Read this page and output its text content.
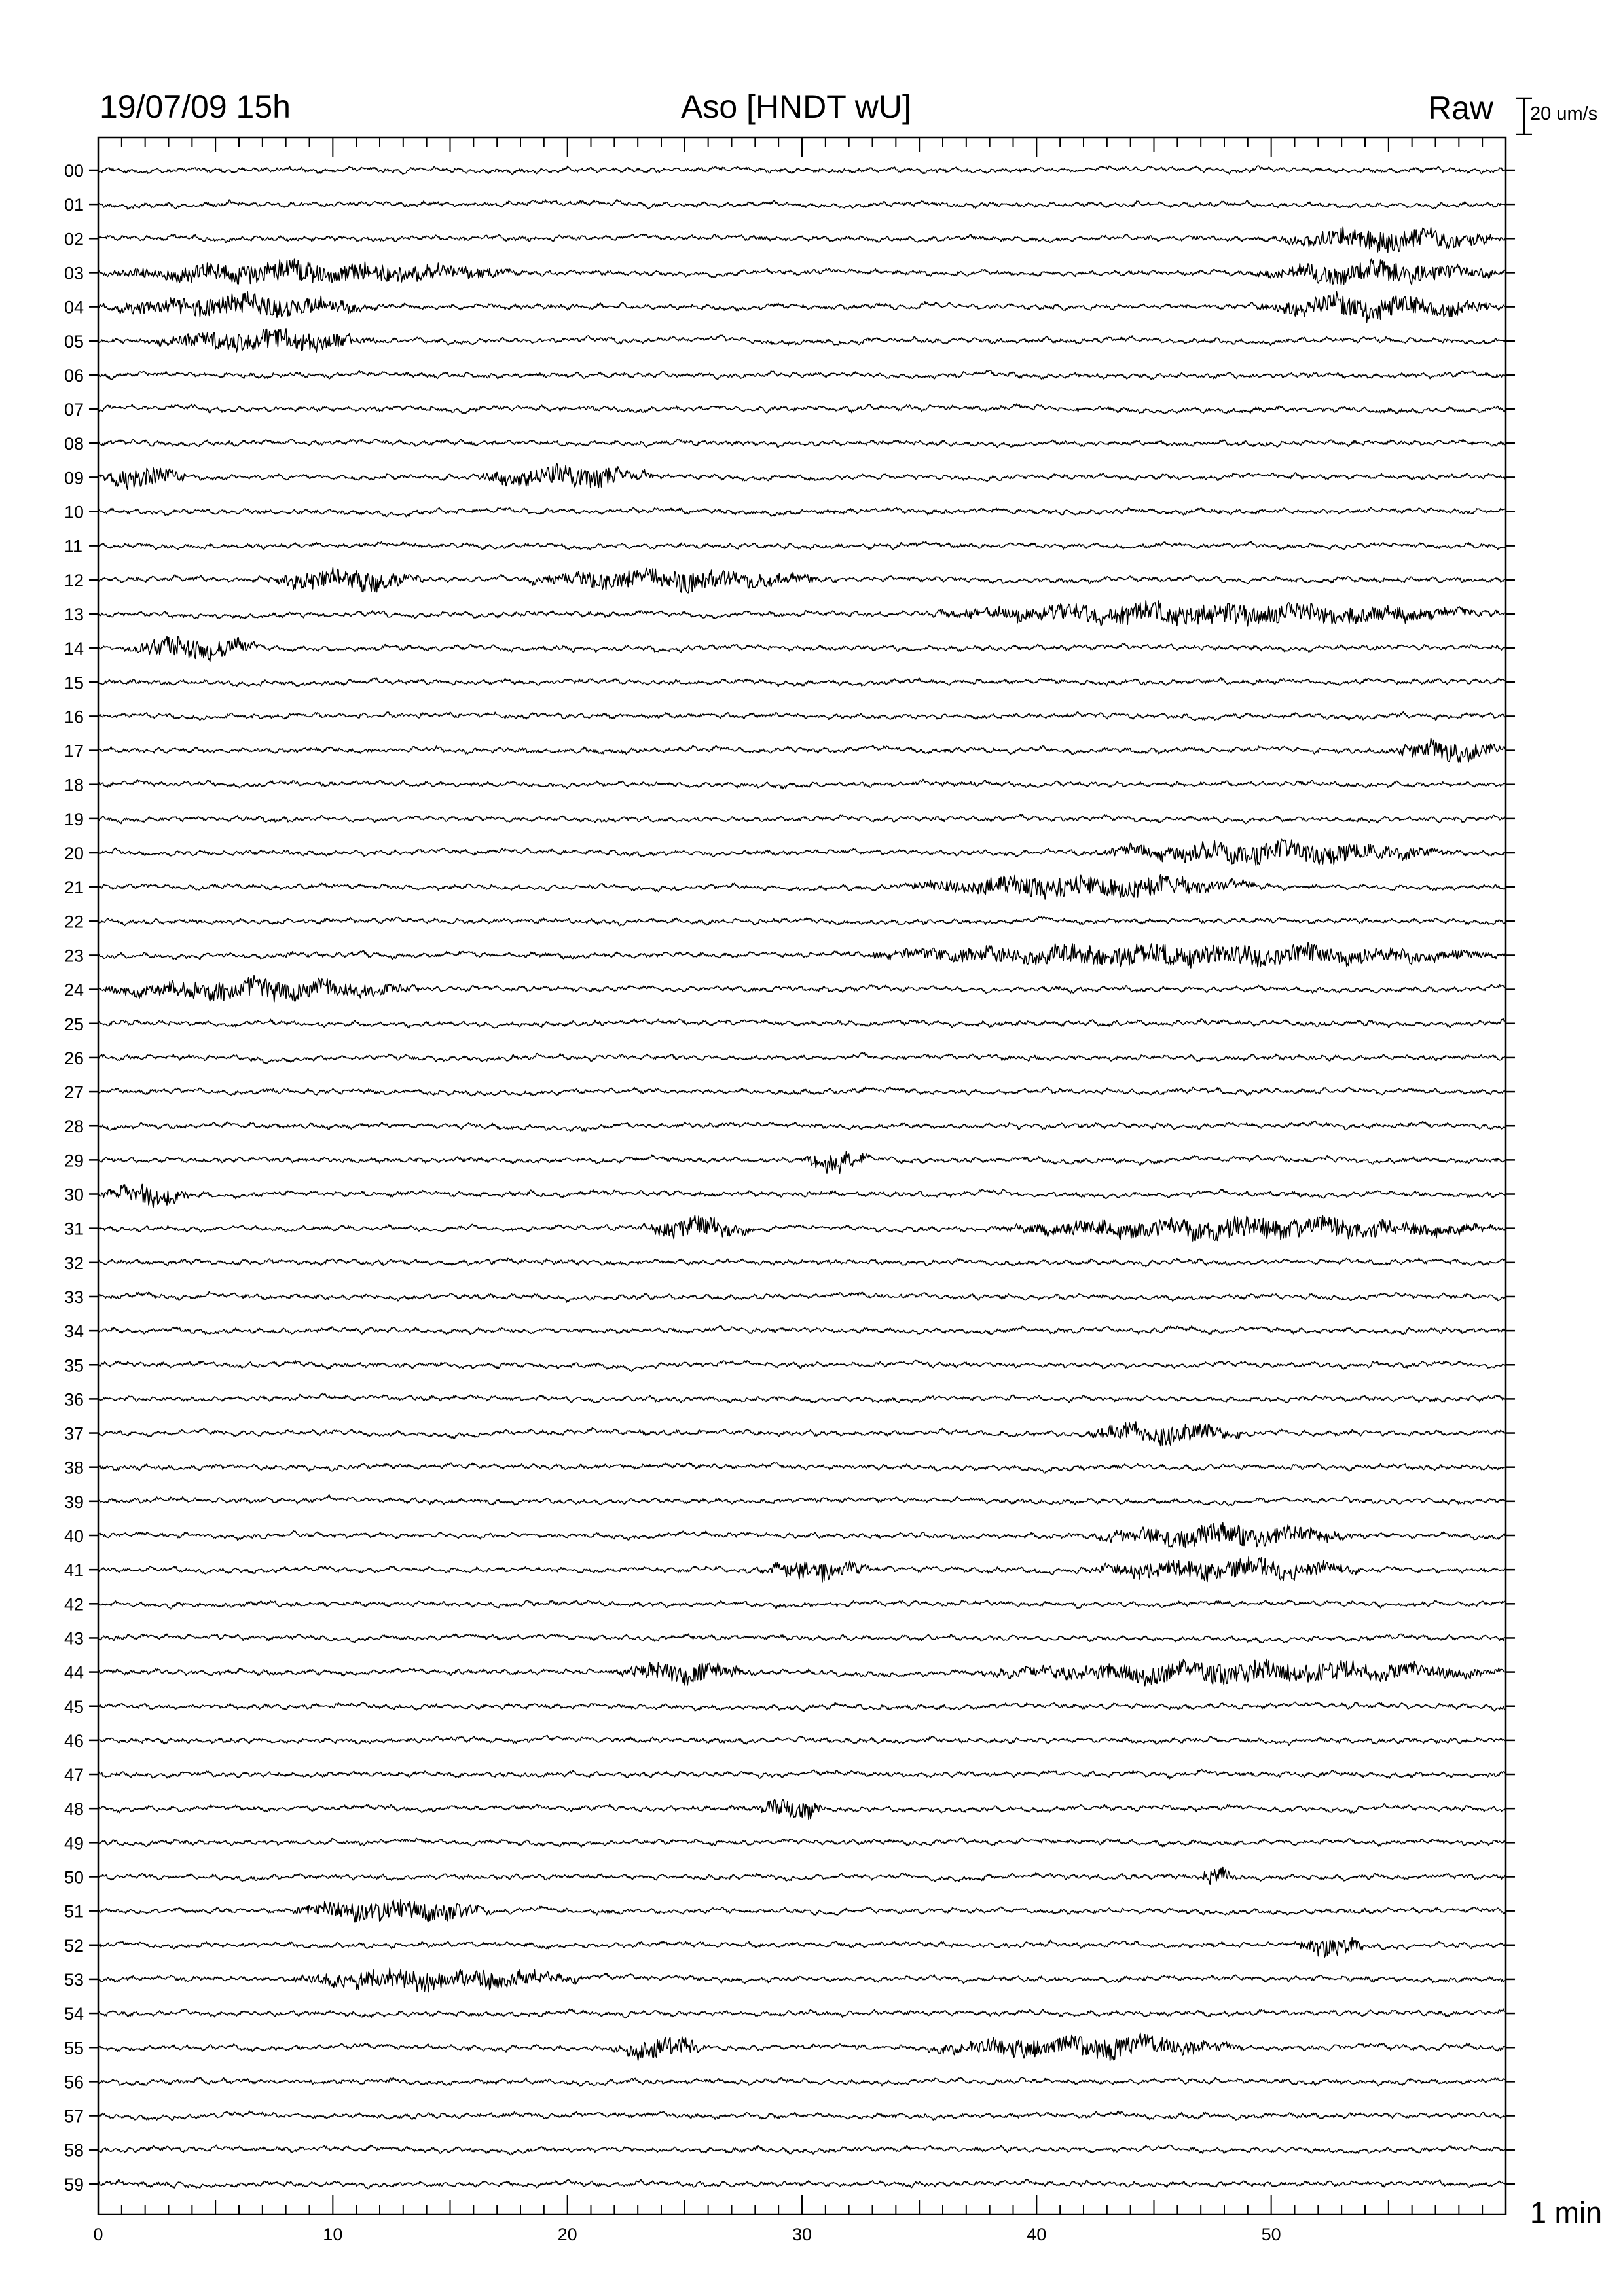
19/07/09 15h	Aso [HNDT wU]	Raw 20 um/s
1 min
00
01
02
03
04
05
06
07
08
09
10
11
12
13
14
15
16
17
18
19
20
21
22
23
24
25
26
27
28
29
30
31
32
33
34
35
36
37
38
39
40
41
42
43
44
45
46
47
48
49
50
51
52
53
54
55
56
57
58
59
0	10	20	30	40	50
